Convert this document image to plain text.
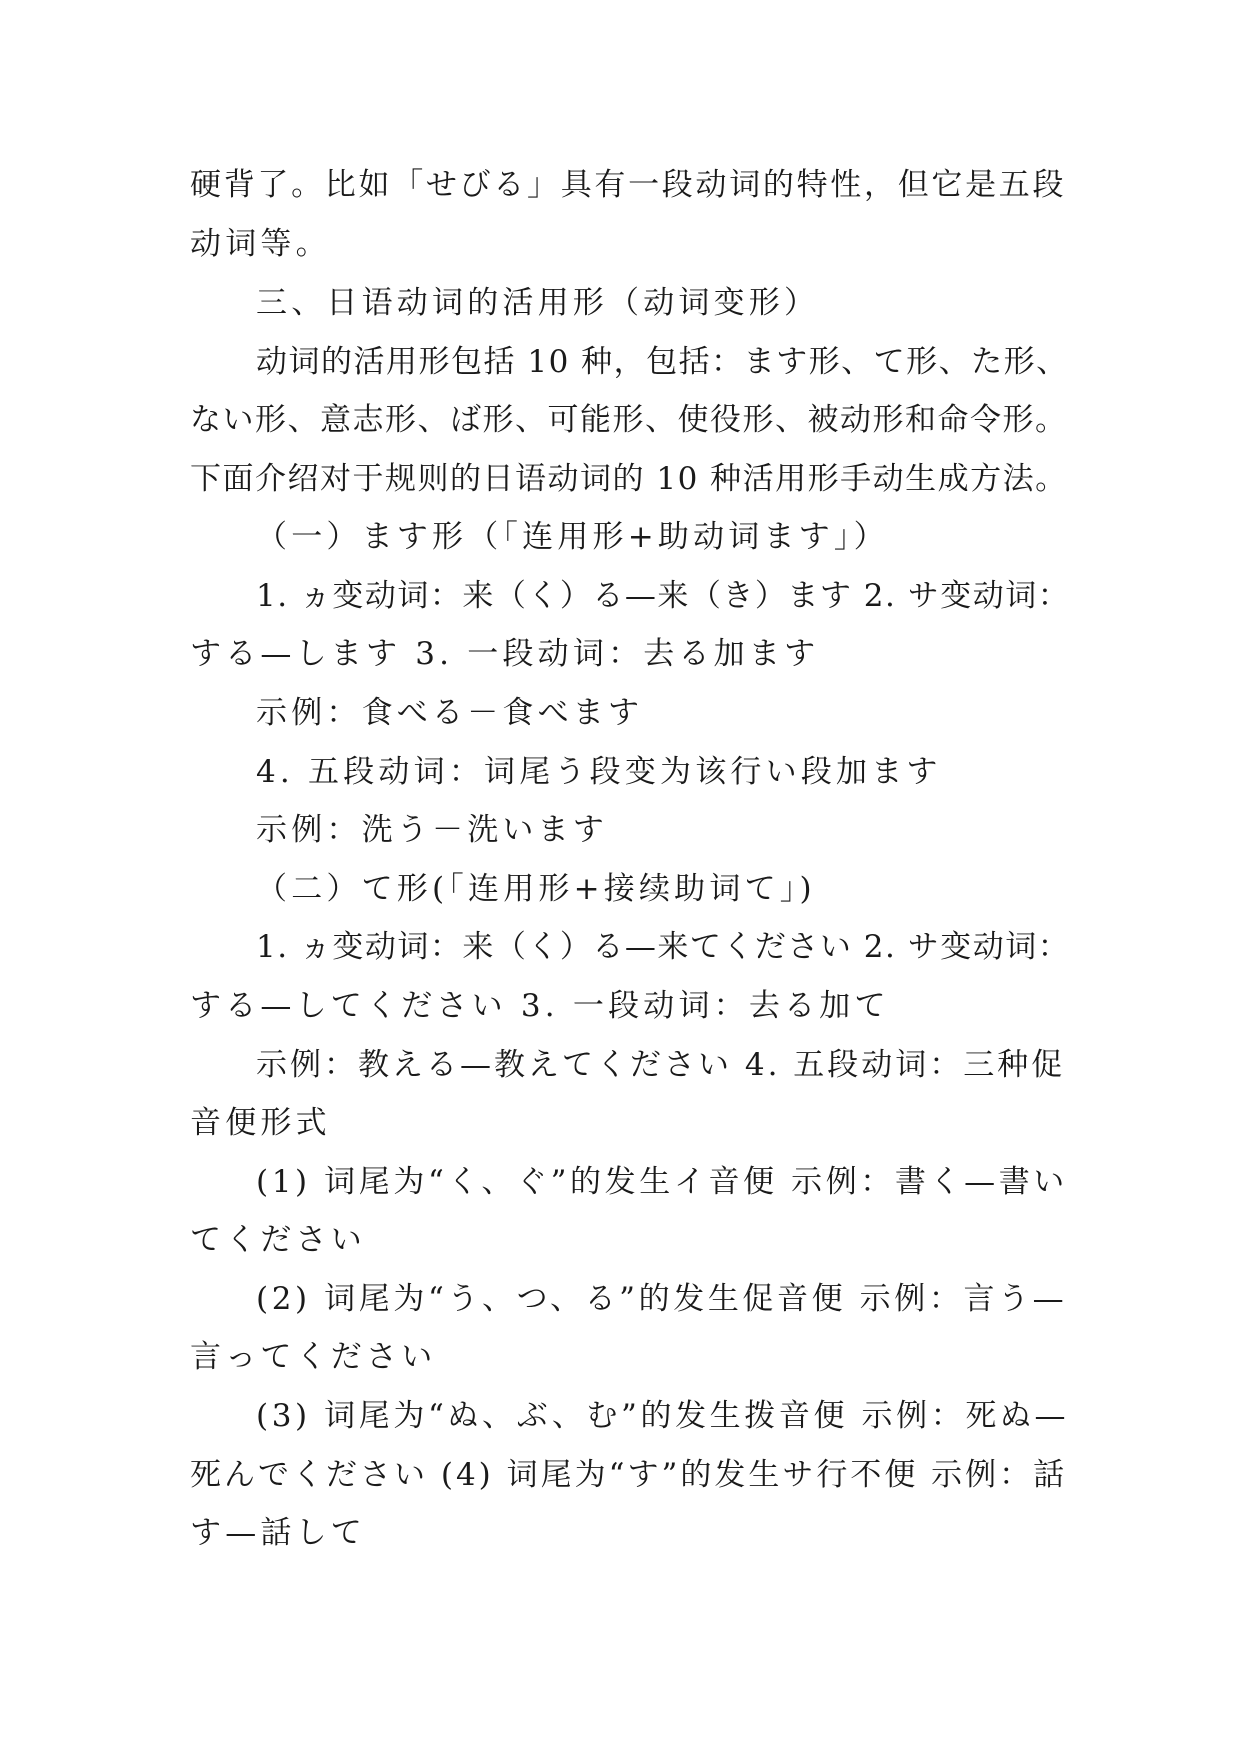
硬背了。比如「せびる」具有一段动词的特性，但它是五段
动词等。
三、日语动词的活用形（动词变形）
动词的活用形包括 10 种，包括：ます形、て形、た形、
ない形、意志形、ば形、可能形、使役形、被动形和命令形。
下面介绍对于规则的日语动词的 10 种活用形手动生成方法。
（一）ます形（「连用形+助动词ます」）
1. ヵ变动词：来（く）る—来（き）ます 2. サ变动词：
する—します 3. 一段动词：去る加ます
示例：食べる－食べます
4. 五段动词：词尾う段变为该行い段加ます
示例：洗う－洗います
（二）て形(「连用形+接续助词て」)
1. ヵ变动词：来（く）る—来てください 2. サ变动词：
する—してください 3. 一段动词：去る加て
示例：教える—教えてください 4. 五段动词：三种促
音便形式
(1) 词尾为“く、ぐ”的发生イ音便 示例：書く—書い
てください
(2) 词尾为“う、つ、る”的发生促音便 示例：言う—
言ってください
(3) 词尾为“ぬ、ぶ、む”的发生拨音便 示例：死ぬ—
死んでください (4) 词尾为“す”的发生サ行不便 示例：話
す—話して
